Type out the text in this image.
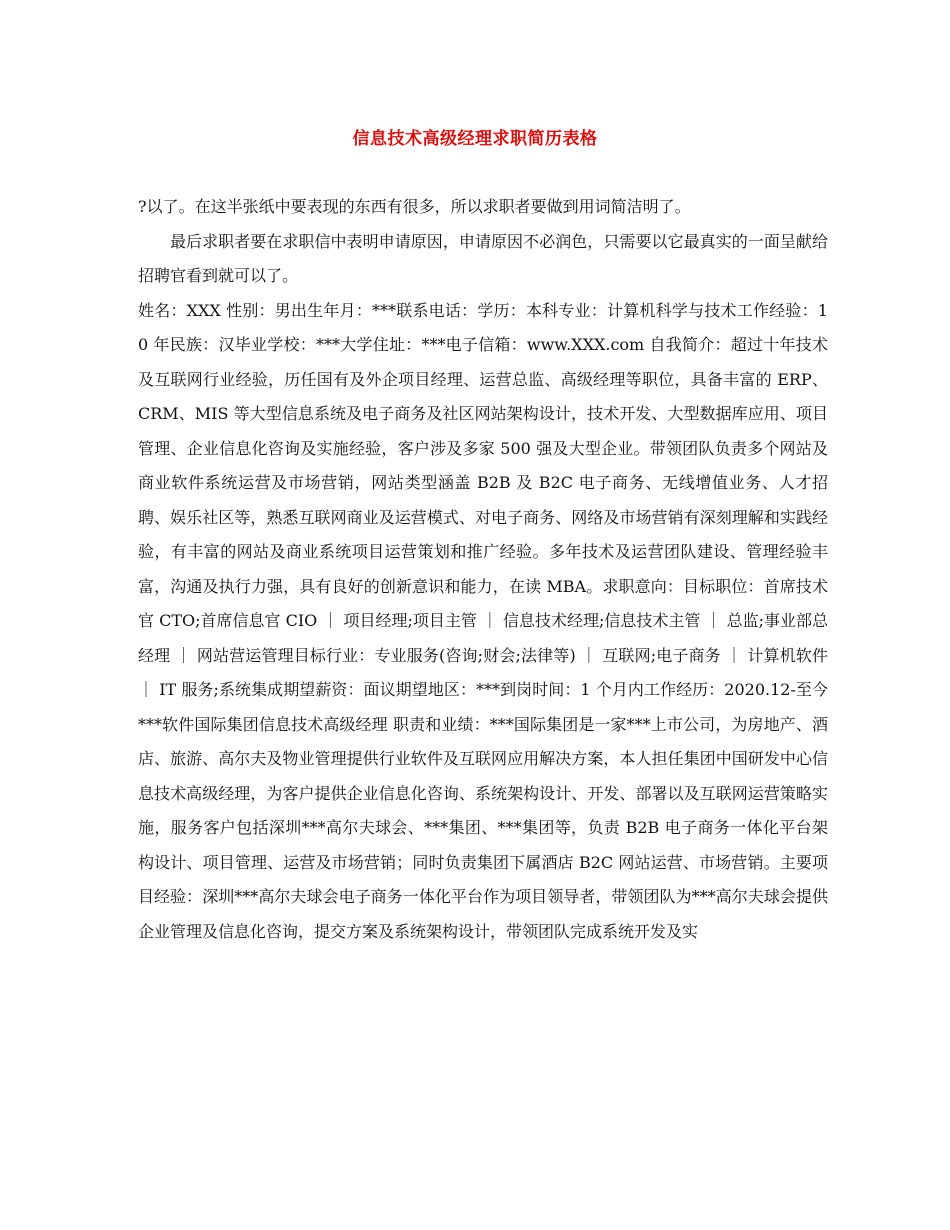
信息技术高级经理求职简历表格

?以了。在这半张纸中要表现的东西有很多，所以求职者要做到用词简洁明了。

最后求职者要在求职信中表明申请原因，申请原因不必润色，只需要以它最真实的一面呈献给招聘官看到就可以了。

姓名：XXX 性别：男出生年月：***联系电话：学历：本科专业：计算机科学与技术工作经验：10 年民族：汉毕业学校：***大学住址：***电子信箱：www.XXX.com 自我简介：超过十年技术及互联网行业经验，历任国有及外企项目经理、运营总监、高级经理等职位，具备丰富的 ERP、CRM、MIS 等大型信息系统及电子商务及社区网站架构设计，技术开发、大型数据库应用、项目管理、企业信息化咨询及实施经验，客户涉及多家 500 强及大型企业。带领团队负责多个网站及商业软件系统运营及市场营销，网站类型涵盖 B2B 及 B2C 电子商务、无线增值业务、人才招聘、娱乐社区等，熟悉互联网商业及运营模式、对电子商务、网络及市场营销有深刻理解和实践经验，有丰富的网站及商业系统项目运营策划和推广经验。多年技术及运营团队建设、管理经验丰富，沟通及执行力强，具有良好的创新意识和能力，在读 MBA。求职意向：目标职位：首席技术官 CTO;首席信息官 CIO ｜ 项目经理;项目主管 ｜ 信息技术经理;信息技术主管 ｜ 总监;事业部总经理 ｜ 网站营运管理目标行业：专业服务(咨询;财会;法律等) ｜ 互联网;电子商务 ｜ 计算机软件 ｜ IT 服务;系统集成期望薪资：面议期望地区：***到岗时间：1 个月内工作经历：2020.12-至今***软件国际集团信息技术高级经理 职责和业绩：***国际集团是一家***上市公司，为房地产、酒店、旅游、高尔夫及物业管理提供行业软件及互联网应用解决方案，本人担任集团中国研发中心信息技术高级经理，为客户提供企业信息化咨询、系统架构设计、开发、部署以及互联网运营策略实施，服务客户包括深圳***高尔夫球会、***集团、***集团等，负责 B2B 电子商务一体化平台架构设计、项目管理、运营及市场营销；同时负责集团下属酒店 B2C 网站运营、市场营销。主要项目经验：深圳***高尔夫球会电子商务一体化平台作为项目领导者，带领团队为***高尔夫球会提供企业管理及信息化咨询，提交方案及系统架构设计，带领团队完成系统开发及实
